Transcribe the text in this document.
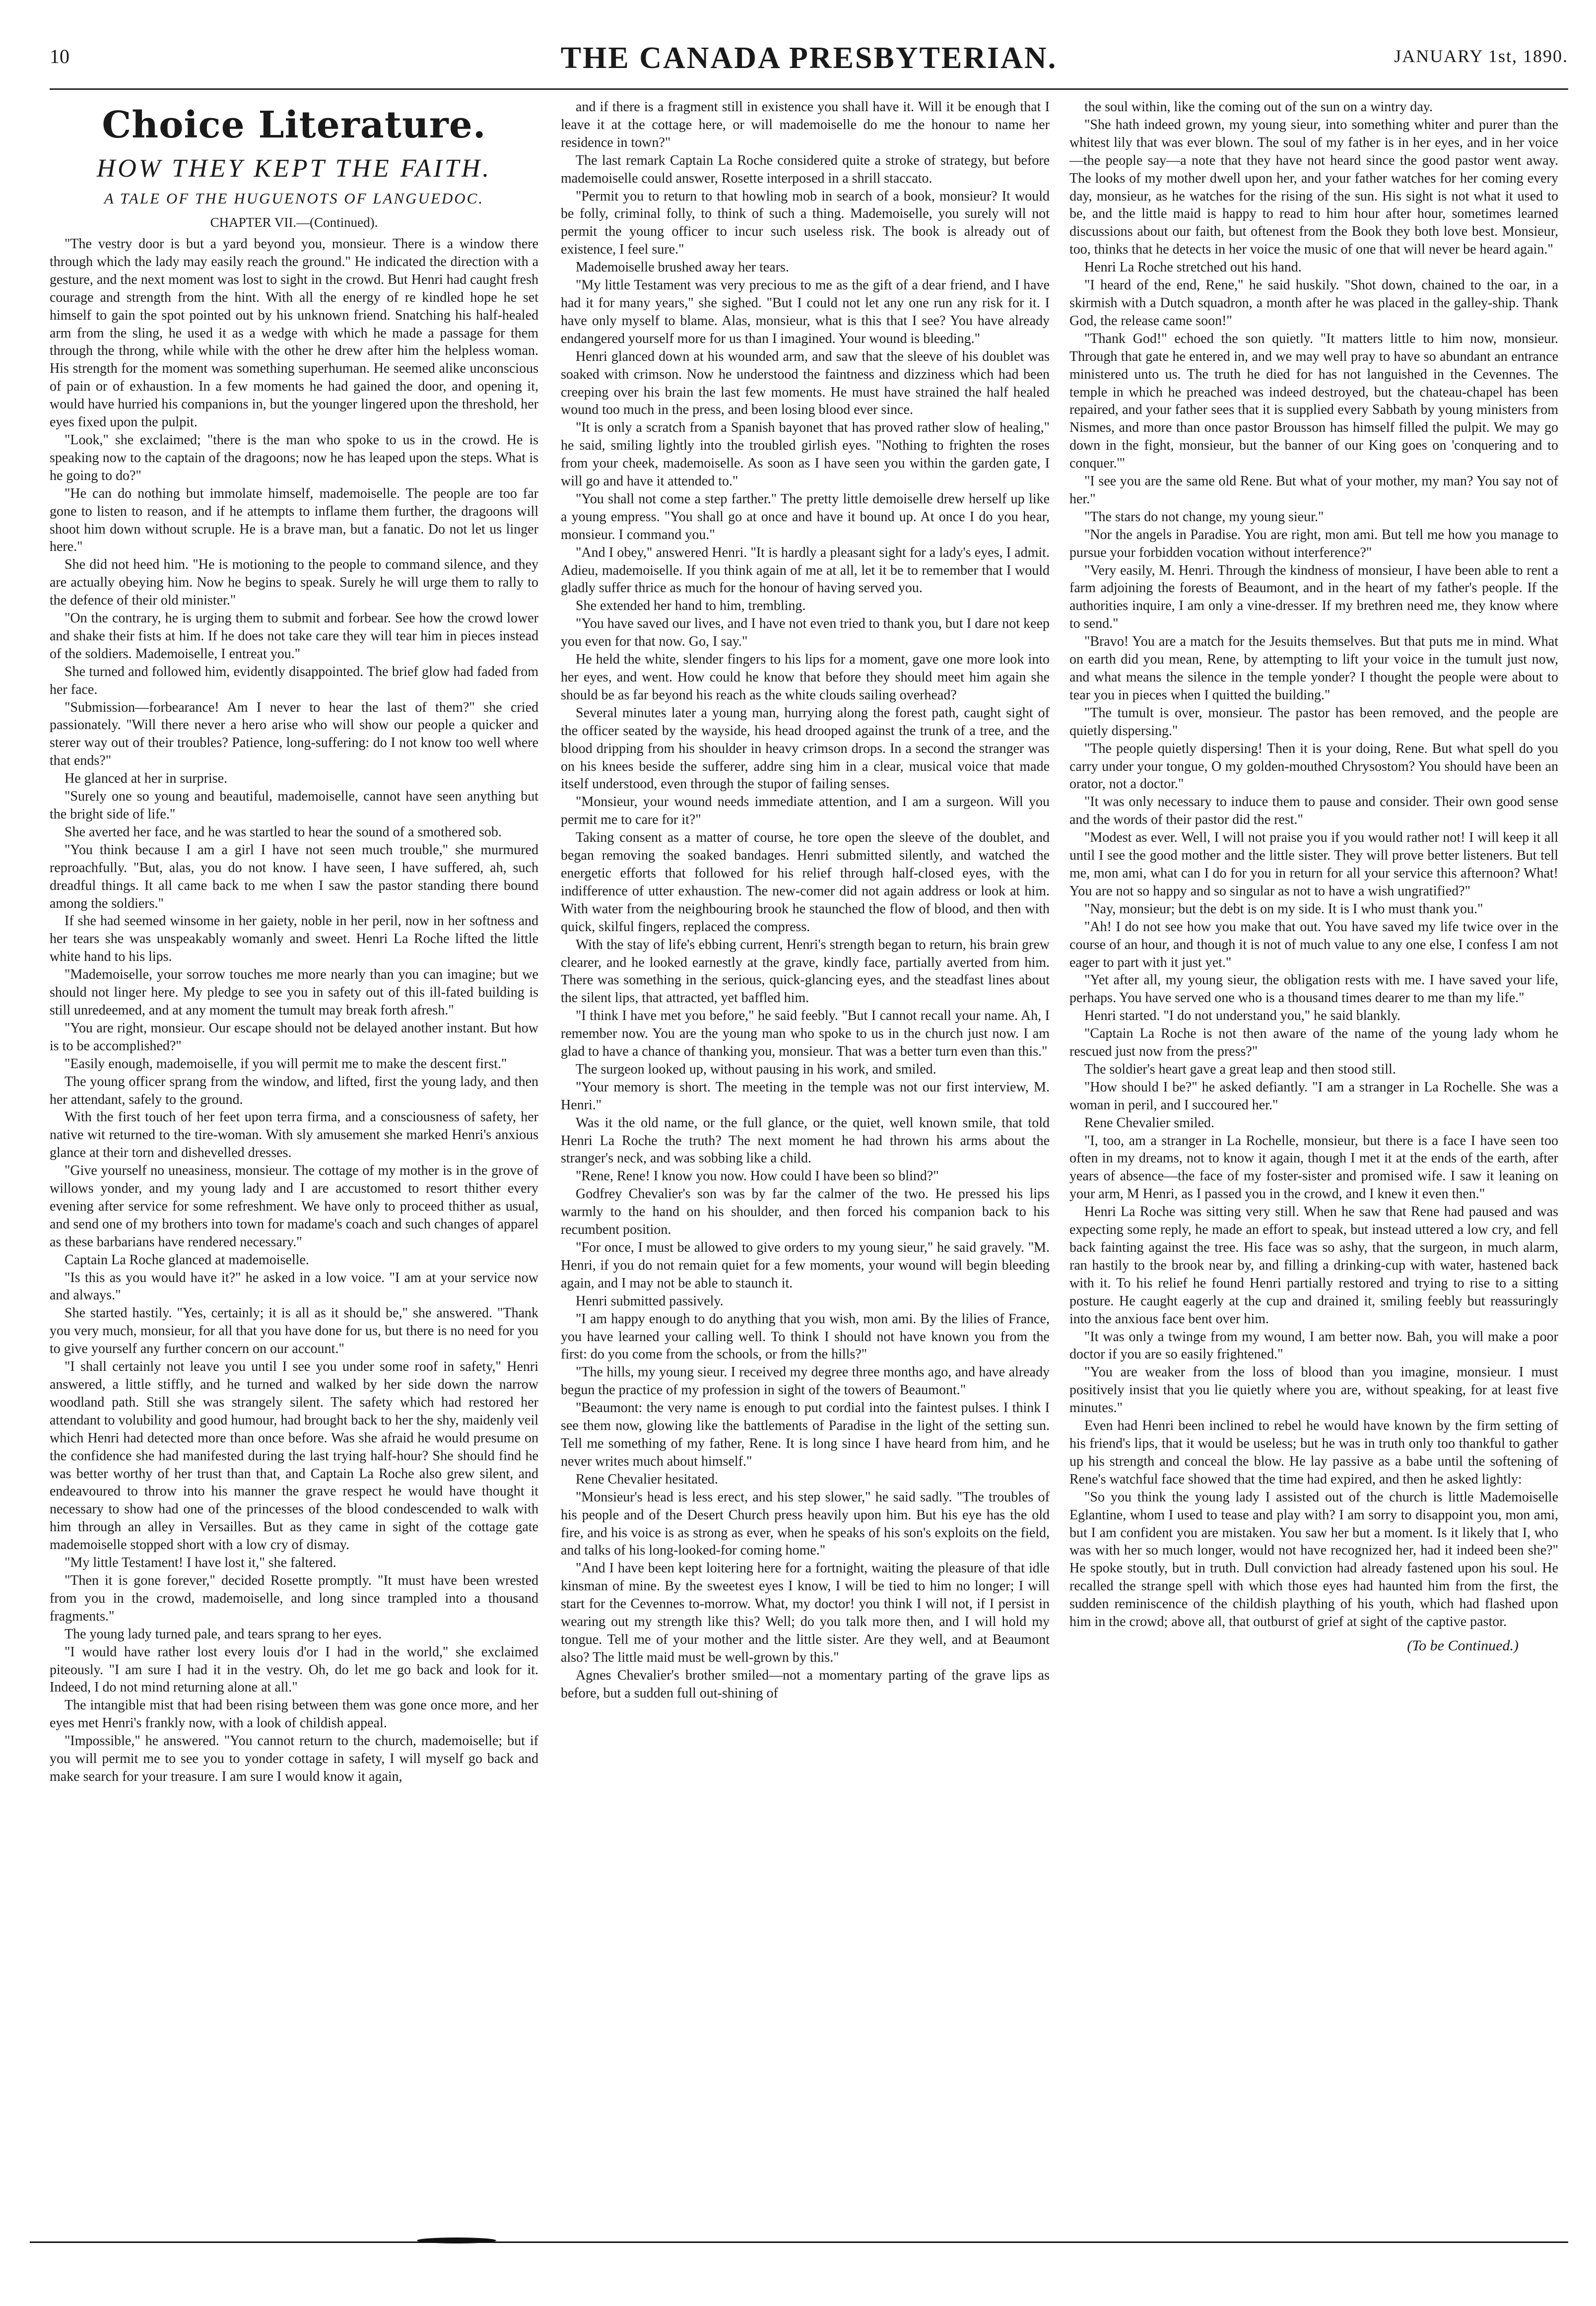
10	THE CANADA PRESBYTERIAN.	JANUARY 1st, 1890.
Choice Literature.
HOW THEY KEPT THE FAITH.
A TALE OF THE HUGUENOTS OF LANGUEDOC.
CHAPTER VII.—(Continued).

"The vestry door is but a yard beyond you, monsieur. There is a window there through which the lady may easily reach the ground." He indicated the direction with a gesture, and the next moment was lost to sight in the crowd. But Henri had caught fresh courage and strength from the hint. With all the energy of re kindled hope he set himself to gain the spot pointed out by his unknown friend. Snatching his half-healed arm from the sling, he used it as a wedge with which he made a passage for them through the throng, while while with the other he drew after him the helpless woman. His strength for the moment was something superhuman. He seemed alike unconscious of pain or of exhaustion. In a few moments he had gained the door, and opening it, would have hurried his companions in, but the younger lingered upon the threshold, her eyes fixed upon the pulpit.

"Look," she exclaimed; "there is the man who spoke to us in the crowd. He is speaking now to the captain of the dragoons; now he has leaped upon the steps. What is he going to do?"

"He can do nothing but immolate himself, mademoiselle. The people are too far gone to listen to reason, and if he attempts to inflame them further, the dragoons will shoot him down without scruple. He is a brave man, but a fanatic. Do not let us linger here."

She did not heed him. "He is motioning to the people to command silence, and they are actually obeying him. Now he begins to speak. Surely he will urge them to rally to the defence of their old minister."

"On the contrary, he is urging them to submit and forbear. See how the crowd lower and shake their fists at him. If he does not take care they will tear him in pieces instead of the soldiers. Mademoiselle, I entreat you."

She turned and followed him, evidently disappointed. The brief glow had faded from her face.

"Submission—forbearance! Am I never to hear the last of them?" she cried passionately. "Will there never a hero arise who will show our people a quicker and sterer way out of their troubles? Patience, long-suffering: do I not know too well where that ends?"

He glanced at her in surprise.

"Surely one so young and beautiful, mademoiselle, cannot have seen anything but the bright side of life."

She averted her face, and he was startled to hear the sound of a smothered sob.

"You think because I am a girl I have not seen much trouble," she murmured reproachfully. "But, alas, you do not know. I have seen, I have suffered, ah, such dreadful things. It all came back to me when I saw the pastor standing there bound among the soldiers."

If she had seemed winsome in her gaiety, noble in her peril, now in her softness and her tears she was unspeakably womanly and sweet. Henri La Roche lifted the little white hand to his lips.

"Mademoiselle, your sorrow touches me more nearly than you can imagine; but we should not linger here. My pledge to see you in safety out of this ill-fated building is still unredeemed, and at any moment the tumult may break forth afresh."

"You are right, monsieur. Our escape should not be delayed another instant. But how is to be accomplished?"

"Easily enough, mademoiselle, if you will permit me to make the descent first."

The young officer sprang from the window, and lifted, first the young lady, and then her attendant, safely to the ground.

With the first touch of her feet upon terra firma, and a consciousness of safety, her native wit returned to the tire-woman. With sly amusement she marked Henri's anxious glance at their torn and dishevelled dresses.

"Give yourself no uneasiness, monsieur. The cottage of my mother is in the grove of willows yonder, and my young lady and I are accustomed to resort thither every evening after service for some refreshment. We have only to proceed thither as usual, and send one of my brothers into town for madame's coach and such changes of apparel as these barbarians have rendered necessary."

Captain La Roche glanced at mademoiselle.

"Is this as you would have it?" he asked in a low voice. "I am at your service now and always."

She started hastily. "Yes, certainly; it is all as it should be," she answered. "Thank you very much, monsieur, for all that you have done for us, but there is no need for you to give yourself any further concern on our account."

"I shall certainly not leave you until I see you under some roof in safety," Henri answered, a little stiffly, and he turned and walked by her side down the narrow woodland path. Still she was strangely silent. The safety which had restored her attendant to volubility and good humour, had brought back to her the shy, maidenly veil which Henri had detected more than once before. Was she afraid he would presume on the confidence she had manifested during the last trying half-hour? She should find he was better worthy of her trust than that, and Captain La Roche also grew silent, and endeavoured to throw into his manner the grave respect he would have thought it necessary to show had one of the princesses of the blood condescended to walk with him through an alley in Versailles. But as they came in sight of the cottage gate mademoiselle stopped short with a low cry of dismay.

"My little Testament! I have lost it," she faltered.

"Then it is gone forever," decided Rosette promptly. "It must have been wrested from you in the crowd, mademoiselle, and long since trampled into a thousand fragments."

The young lady turned pale, and tears sprang to her eyes.

"I would have rather lost every louis d'or I had in the world," she exclaimed piteously. "I am sure I had it in the vestry. Oh, do let me go back and look for it. Indeed, I do not mind returning alone at all."

The intangible mist that had been rising between them was gone once more, and her eyes met Henri's frankly now, with a look of childish appeal.

"Impossible," he answered. "You cannot return to the church, mademoiselle; but if you will permit me to see you to yonder cottage in safety, I will myself go back and make search for your treasure. I am sure I would know it again,

and if there is a fragment still in existence you shall have it. Will it be enough that I leave it at the cottage here, or will mademoiselle do me the honour to name her residence in town?"

The last remark Captain La Roche considered quite a stroke of strategy, but before mademoiselle could answer, Rosette interposed in a shrill staccato.

"Permit you to return to that howling mob in search of a book, monsieur? It would be folly, criminal folly, to think of such a thing. Mademoiselle, you surely will not permit the young officer to incur such useless risk. The book is already out of existence, I feel sure."

Mademoiselle brushed away her tears.

"My little Testament was very precious to me as the gift of a dear friend, and I have had it for many years," she sighed. "But I could not let any one run any risk for it. I have only myself to blame. Alas, monsieur, what is this that I see? You have already endangered yourself more for us than I imagined. Your wound is bleeding."

Henri glanced down at his wounded arm, and saw that the sleeve of his doublet was soaked with crimson. Now he understood the faintness and dizziness which had been creeping over his brain the last few moments. He must have strained the half healed wound too much in the press, and been losing blood ever since.

"It is only a scratch from a Spanish bayonet that has proved rather slow of healing," he said, smiling lightly into the troubled girlish eyes. "Nothing to frighten the roses from your cheek, mademoiselle. As soon as I have seen you within the garden gate, I will go and have it attended to."

"You shall not come a step farther." The pretty little demoiselle drew herself up like a young empress. "You shall go at once and have it bound up. At once I do you hear, monsieur. I command you."

"And I obey," answered Henri. "It is hardly a pleasant sight for a lady's eyes, I admit. Adieu, mademoiselle. If you think again of me at all, let it be to remember that I would gladly suffer thrice as much for the honour of having served you.

She extended her hand to him, trembling.

"You have saved our lives, and I have not even tried to thank you, but I dare not keep you even for that now. Go, I say."

He held the white, slender fingers to his lips for a moment, gave one more look into her eyes, and went. How could he know that before they should meet him again she should be as far beyond his reach as the white clouds sailing overhead?

Several minutes later a young man, hurrying along the forest path, caught sight of the officer seated by the wayside, his head drooped against the trunk of a tree, and the blood dripping from his shoulder in heavy crimson drops. In a second the stranger was on his knees beside the sufferer, addre sing him in a clear, musical voice that made itself understood, even through the stupor of failing senses.

"Monsieur, your wound needs immediate attention, and I am a surgeon. Will you permit me to care for it?"

Taking consent as a matter of course, he tore open the sleeve of the doublet, and began removing the soaked bandages. Henri submitted silently, and watched the energetic efforts that followed for his relief through half-closed eyes, with the indifference of utter exhaustion. The new-comer did not again address or look at him. With water from the neighbouring brook he staunched the flow of blood, and then with quick, skilful fingers, replaced the compress.

With the stay of life's ebbing current, Henri's strength began to return, his brain grew clearer, and he looked earnestly at the grave, kindly face, partially averted from him. There was something in the serious, quick-glancing eyes, and the steadfast lines about the silent lips, that attracted, yet baffled him.

"I think I have met you before," he said feebly. "But I cannot recall your name. Ah, I remember now. You are the young man who spoke to us in the church just now. I am glad to have a chance of thanking you, monsieur. That was a better turn even than this."

The surgeon looked up, without pausing in his work, and smiled.

"Your memory is short. The meeting in the temple was not our first interview, M. Henri."

Was it the old name, or the full glance, or the quiet, well known smile, that told Henri La Roche the truth? The next moment he had thrown his arms about the stranger's neck, and was sobbing like a child.

"Rene, Rene! I know you now. How could I have been so blind?"

Godfrey Chevalier's son was by far the calmer of the two. He pressed his lips warmly to the hand on his shoulder, and then forced his companion back to his recumbent position.

"For once, I must be allowed to give orders to my young sieur," he said gravely. "M. Henri, if you do not remain quiet for a few moments, your wound will begin bleeding again, and I may not be able to staunch it.

Henri submitted passively.

"I am happy enough to do anything that you wish, mon ami. By the lilies of France, you have learned your calling well. To think I should not have known you from the first: do you come from the schools, or from the hills?"

"The hills, my young sieur. I received my degree three months ago, and have already begun the practice of my profession in sight of the towers of Beaumont."

"Beaumont: the very name is enough to put cordial into the faintest pulses. I think I see them now, glowing like the battlements of Paradise in the light of the setting sun. Tell me something of my father, Rene. It is long since I have heard from him, and he never writes much about himself."

Rene Chevalier hesitated.

"Monsieur's head is less erect, and his step slower," he said sadly. "The troubles of his people and of the Desert Church press heavily upon him. But his eye has the old fire, and his voice is as strong as ever, when he speaks of his son's exploits on the field, and talks of his long-looked-for coming home."

"And I have been kept loitering here for a fortnight, waiting the pleasure of that idle kinsman of mine. By the sweetest eyes I know, I will be tied to him no longer; I will start for the Cevennes to-morrow. What, my doctor! you think I will not, if I persist in wearing out my strength like this? Well; do you talk more then, and I will hold my tongue. Tell me of your mother and the little sister. Are they well, and at Beaumont also? The little maid must be well-grown by this."

Agnes Chevalier's brother smiled—not a momentary parting of the grave lips as before, but a sudden full out-shining of

the soul within, like the coming out of the sun on a wintry day.

"She hath indeed grown, my young sieur, into something whiter and purer than the whitest lily that was ever blown. The soul of my father is in her eyes, and in her voice—the people say—a note that they have not heard since the good pastor went away. The looks of my mother dwell upon her, and your father watches for her coming every day, monsieur, as he watches for the rising of the sun. His sight is not what it used to be, and the little maid is happy to read to him hour after hour, sometimes learned discussions about our faith, but oftenest from the Book they both love best. Monsieur, too, thinks that he detects in her voice the music of one that will never be heard again."

Henri La Roche stretched out his hand.

"I heard of the end, Rene," he said huskily. "Shot down, chained to the oar, in a skirmish with a Dutch squadron, a month after he was placed in the galley-ship. Thank God, the release came soon!"

"Thank God!" echoed the son quietly. "It matters little to him now, monsieur. Through that gate he entered in, and we may well pray to have so abundant an entrance ministered unto us. The truth he died for has not languished in the Cevennes. The temple in which he preached was indeed destroyed, but the chateau-chapel has been repaired, and your father sees that it is supplied every Sabbath by young ministers from Nismes, and more than once pastor Brousson has himself filled the pulpit. We may go down in the fight, monsieur, but the banner of our King goes on 'conquering and to conquer.'"

"I see you are the same old Rene. But what of your mother, my man? You say not of her."

"The stars do not change, my young sieur."

"Nor the angels in Paradise. You are right, mon ami. But tell me how you manage to pursue your forbidden vocation without interference?"

"Very easily, M. Henri. Through the kindness of monsieur, I have been able to rent a farm adjoining the forests of Beaumont, and in the heart of my father's people. If the authorities inquire, I am only a vine-dresser. If my brethren need me, they know where to send."

"Bravo! You are a match for the Jesuits themselves. But that puts me in mind. What on earth did you mean, Rene, by attempting to lift your voice in the tumult just now, and what means the silence in the temple yonder? I thought the people were about to tear you in pieces when I quitted the building."

"The tumult is over, monsieur. The pastor has been removed, and the people are quietly dispersing."

"The people quietly dispersing! Then it is your doing, Rene. But what spell do you carry under your tongue, O my golden-mouthed Chrysostom? You should have been an orator, not a doctor."

"It was only necessary to induce them to pause and consider. Their own good sense and the words of their pastor did the rest."

"Modest as ever. Well, I will not praise you if you would rather not! I will keep it all until I see the good mother and the little sister. They will prove better listeners. But tell me, mon ami, what can I do for you in return for all your service this afternoon? What! You are not so happy and so singular as not to have a wish ungratified?"

"Nay, monsieur; but the debt is on my side. It is I who must thank you."

"Ah! I do not see how you make that out. You have saved my life twice over in the course of an hour, and though it is not of much value to any one else, I confess I am not eager to part with it just yet."

"Yet after all, my young sieur, the obligation rests with me. I have saved your life, perhaps. You have served one who is a thousand times dearer to me than my life."

Henri started. "I do not understand you," he said blankly.

"Captain La Roche is not then aware of the name of the young lady whom he rescued just now from the press?"

The soldier's heart gave a great leap and then stood still.

"How should I be?" he asked defiantly. "I am a stranger in La Rochelle. She was a woman in peril, and I succoured her."

Rene Chevalier smiled.

"I, too, am a stranger in La Rochelle, monsieur, but there is a face I have seen too often in my dreams, not to know it again, though I met it at the ends of the earth, after years of absence—the face of my foster-sister and promised wife. I saw it leaning on your arm, M Henri, as I passed you in the crowd, and I knew it even then."

Henri La Roche was sitting very still. When he saw that Rene had paused and was expecting some reply, he made an effort to speak, but instead uttered a low cry, and fell back fainting against the tree. His face was so ashy, that the surgeon, in much alarm, ran hastily to the brook near by, and filling a drinking-cup with water, hastened back with it. To his relief he found Henri partially restored and trying to rise to a sitting posture. He caught eagerly at the cup and drained it, smiling feebly but reassuringly into the anxious face bent over him.

"It was only a twinge from my wound, I am better now. Bah, you will make a poor doctor if you are so easily frightened."

"You are weaker from the loss of blood than you imagine, monsieur. I must positively insist that you lie quietly where you are, without speaking, for at least five minutes."

Even had Henri been inclined to rebel he would have known by the firm setting of his friend's lips, that it would be useless; but he was in truth only too thankful to gather up his strength and conceal the blow. He lay passive as a babe until the softening of Rene's watchful face showed that the time had expired, and then he asked lightly:

"So you think the young lady I assisted out of the church is little Mademoiselle Eglantine, whom I used to tease and play with? I am sorry to disappoint you, mon ami, but I am confident you are mistaken. You saw her but a moment. Is it likely that I, who was with her so much longer, would not have recognized her, had it indeed been she?" He spoke stoutly, but in truth. Dull conviction had already fastened upon his soul. He recalled the strange spell with which those eyes had haunted him from the first, the sudden reminiscence of the childish plaything of his youth, which had flashed upon him in the crowd; above all, that outburst of grief at sight of the captive pastor.

(To be Continued.)
